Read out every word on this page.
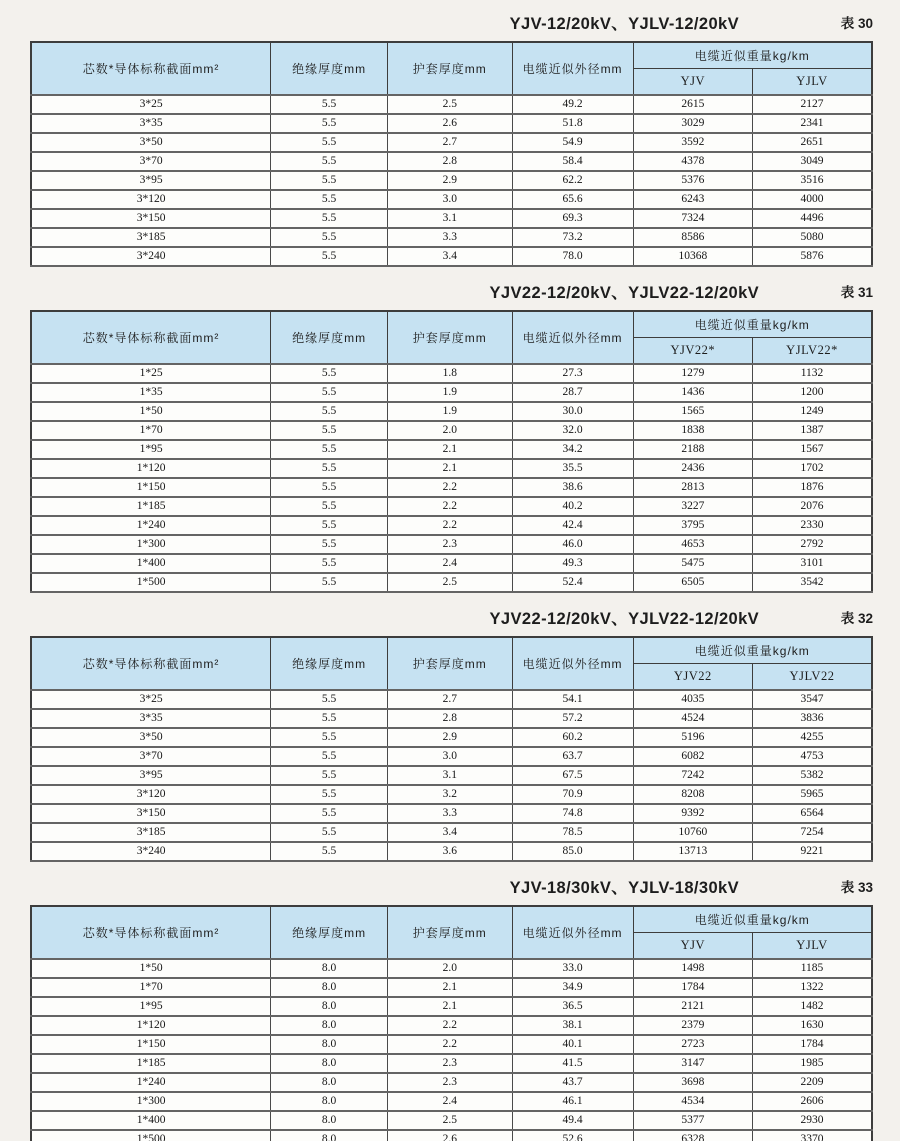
YJV-12/20kV、YJLV-12/20kV	表 30
芯数*导体标称截面mm²	绝缘厚度mm	护套厚度mm	电缆近似外径mm	电缆近似重量kg/km	
				YJV	YJLV
3*25	5.5	2.5	49.2	2615	2127
3*35	5.5	2.6	51.8	3029	2341
3*50	5.5	2.7	54.9	3592	2651
3*70	5.5	2.8	58.4	4378	3049
3*95	5.5	2.9	62.2	5376	3516
3*120	5.5	3.0	65.6	6243	4000
3*150	5.5	3.1	69.3	7324	4496
3*185	5.5	3.3	73.2	8586	5080
3*240	5.5	3.4	78.0	10368	5876
YJV22-12/20kV、YJLV22-12/20kV	表 31
芯数*导体标称截面mm²	绝缘厚度mm	护套厚度mm	电缆近似外径mm	电缆近似重量kg/km	
				YJV22*	YJLV22*
1*25	5.5	1.8	27.3	1279	1132
1*35	5.5	1.9	28.7	1436	1200
1*50	5.5	1.9	30.0	1565	1249
1*70	5.5	2.0	32.0	1838	1387
1*95	5.5	2.1	34.2	2188	1567
1*120	5.5	2.1	35.5	2436	1702
1*150	5.5	2.2	38.6	2813	1876
1*185	5.5	2.2	40.2	3227	2076
1*240	5.5	2.2	42.4	3795	2330
1*300	5.5	2.3	46.0	4653	2792
1*400	5.5	2.4	49.3	5475	3101
1*500	5.5	2.5	52.4	6505	3542
YJV22-12/20kV、YJLV22-12/20kV	表 32
芯数*导体标称截面mm²	绝缘厚度mm	护套厚度mm	电缆近似外径mm	电缆近似重量kg/km	
				YJV22	YJLV22
3*25	5.5	2.7	54.1	4035	3547
3*35	5.5	2.8	57.2	4524	3836
3*50	5.5	2.9	60.2	5196	4255
3*70	5.5	3.0	63.7	6082	4753
3*95	5.5	3.1	67.5	7242	5382
3*120	5.5	3.2	70.9	8208	5965
3*150	5.5	3.3	74.8	9392	6564
3*185	5.5	3.4	78.5	10760	7254
3*240	5.5	3.6	85.0	13713	9221
YJV-18/30kV、YJLV-18/30kV	表 33
芯数*导体标称截面mm²	绝缘厚度mm	护套厚度mm	电缆近似外径mm	电缆近似重量kg/km	
				YJV	YJLV
1*50	8.0	2.0	33.0	1498	1185
1*70	8.0	2.1	34.9	1784	1322
1*95	8.0	2.1	36.5	2121	1482
1*120	8.0	2.2	38.1	2379	1630
1*150	8.0	2.2	40.1	2723	1784
1*185	8.0	2.3	41.5	3147	1985
1*240	8.0	2.3	43.7	3698	2209
1*300	8.0	2.4	46.1	4534	2606
1*400	8.0	2.5	49.4	5377	2930
1*500	8.0	2.6	52.6	6328	3370
